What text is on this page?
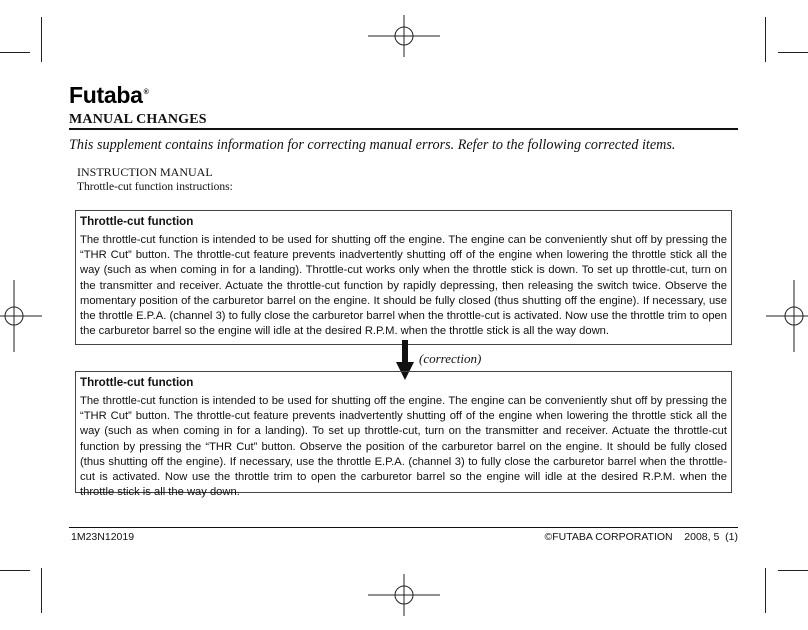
Futaba®
MANUAL CHANGES
This supplement contains information for correcting manual errors. Refer to the following corrected items.
INSTRUCTION MANUAL
Throttle-cut function instructions:
Throttle-cut function

The throttle-cut function is intended to be used for shutting off the engine. The engine can be conveniently shut off by pressing the “THR Cut” button. The throttle-cut feature prevents inadvertently shutting off of the engine when lowering the throttle stick all the way (such as when coming in for a landing). Throttle-cut works only when the throttle stick is down. To set up throttle-cut, turn on the transmitter and receiver. Actuate the throttle-cut function by rapidly depressing, then releasing the switch twice. Observe the momentary position of the carburetor barrel on the engine. It should be fully closed (thus shutting off the engine). If necessary, use the throttle E.P.A. (channel 3) to fully close the carburetor barrel when the throttle-cut is activated. Now use the throttle trim to open the carburetor barrel so the engine will idle at the desired R.P.M. when the throttle stick is all the way down.

(correction)
Throttle-cut function

The throttle-cut function is intended to be used for shutting off the engine. The engine can be conveniently shut off by pressing the “THR Cut” button. The throttle-cut feature prevents inadvertently shutting off of the engine when lowering the throttle stick all the way (such as when coming in for a landing). To set up throttle-cut, turn on the transmitter and receiver. Actuate the throttle-cut function by pressing the “THR Cut” button. Observe the position of the carburetor barrel on the engine. It should be fully closed (thus shutting off the engine). If necessary, use the throttle E.P.A. (channel 3) to fully close the carburetor barrel when the throttle-cut is activated. Now use the throttle trim to open the carburetor barrel so the engine will idle at the desired R.P.M. when the throttle stick is all the way down.

1M23N12019	©FUTABA CORPORATION    2008, 5  (1)
